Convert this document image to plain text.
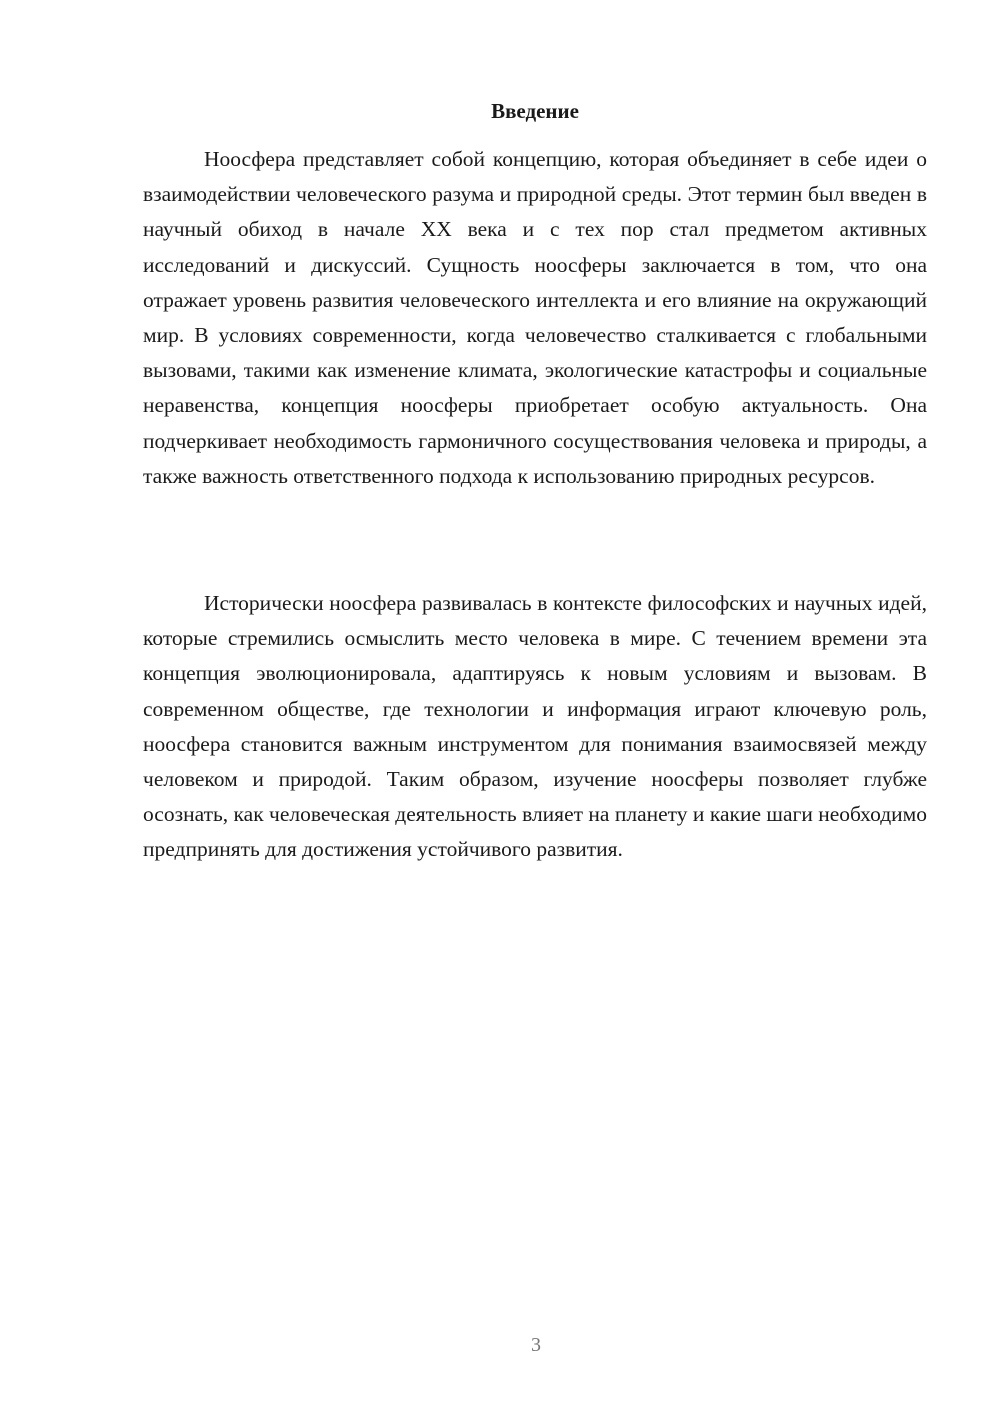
Введение

Ноосфера представляет собой концепцию, которая объединяет в себе идеи о взаимодействии человеческого разума и природной среды. Этот термин был введен в научный обиход в начале XX века и с тех пор стал предметом активных исследований и дискуссий. Сущность ноосферы заключается в том, что она отражает уровень развития человеческого интеллекта и его влияние на окружающий мир. В условиях современности, когда человечество сталкивается с глобальными вызовами, такими как изменение климата, экологические катастрофы и социальные неравенства, концепция ноосферы приобретает особую актуальность. Она подчеркивает необходимость гармоничного сосуществования человека и природы, а также важность ответственного подхода к использованию природных ресурсов.

Исторически ноосфера развивалась в контексте философских и научных идей, которые стремились осмыслить место человека в мире. С течением времени эта концепция эволюционировала, адаптируясь к новым условиям и вызовам. В современном обществе, где технологии и информация играют ключевую роль, ноосфера становится важным инструментом для понимания взаимосвязей между человеком и природой. Таким образом, изучение ноосферы позволяет глубже осознать, как человеческая деятельность влияет на планету и какие шаги необходимо предпринять для достижения устойчивого развития.

3
